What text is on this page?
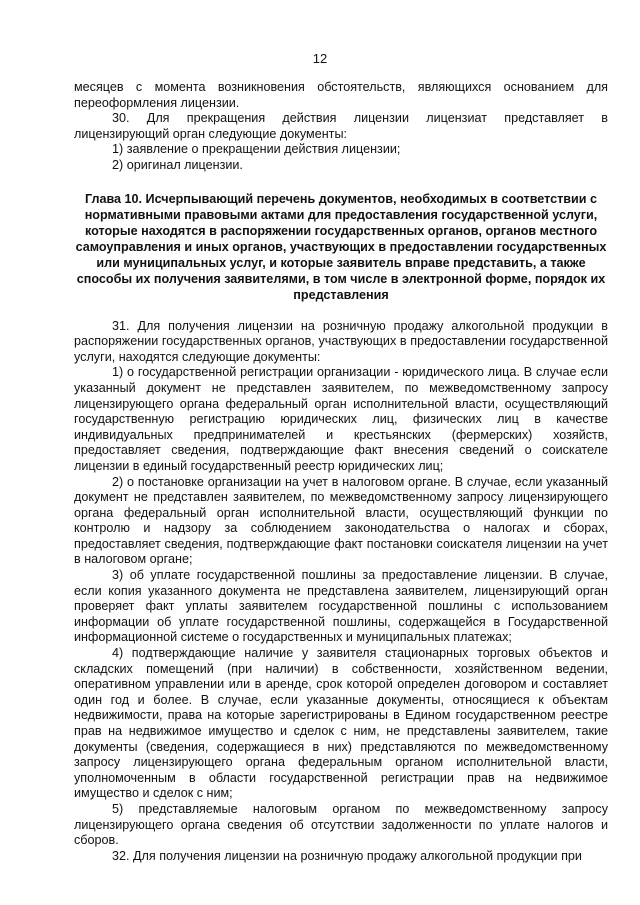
12

месяцев с момента возникновения обстоятельств, являющихся основанием для переоформления лицензии.

30. Для прекращения действия лицензии лицензиат представляет в лицензирующий орган следующие документы:

1) заявление о прекращении действия лицензии;

2) оригинал лицензии.

Глава 10. Исчерпывающий перечень документов, необходимых в соответствии с нормативными правовыми актами для предоставления государственной услуги, которые находятся в распоряжении государственных органов, органов местного самоуправления и иных органов, участвующих в предоставлении государственных или муниципальных услуг, и которые заявитель вправе представить, а также способы их получения заявителями, в том числе в электронной форме, порядок их представления

31. Для получения лицензии на розничную продажу алкогольной продукции в распоряжении государственных органов, участвующих в предоставлении государственной услуги, находятся следующие документы:

1) о государственной регистрации организации - юридического лица. В случае если указанный документ не представлен заявителем, по межведомственному запросу лицензирующего органа федеральный орган исполнительной власти, осуществляющий государственную регистрацию юридических лиц, физических лиц в качестве индивидуальных предпринимателей и крестьянских (фермерских) хозяйств, предоставляет сведения, подтверждающие факт внесения сведений о соискателе лицензии в единый государственный реестр юридических лиц;

2) о постановке организации на учет в налоговом органе. В случае, если указанный документ не представлен заявителем, по межведомственному запросу лицензирующего органа федеральный орган исполнительной власти, осуществляющий функции по контролю и надзору за соблюдением законодательства о налогах и сборах, предоставляет сведения, подтверждающие факт постановки соискателя лицензии на учет в налоговом органе;

3) об уплате государственной пошлины за предоставление лицензии. В случае, если копия указанного документа не представлена заявителем, лицензирующий орган проверяет факт уплаты заявителем государственной пошлины с использованием информации об уплате государственной пошлины, содержащейся в Государственной информационной системе о государственных и муниципальных платежах;

4) подтверждающие наличие у заявителя стационарных торговых объектов и складских помещений (при наличии) в собственности, хозяйственном ведении, оперативном управлении или в аренде, срок которой определен договором и составляет один год и более. В случае, если указанные документы, относящиеся к объектам недвижимости, права на которые зарегистрированы в Едином государственном реестре прав на недвижимое имущество и сделок с ним, не представлены заявителем, такие документы (сведения, содержащиеся в них) представляются по межведомственному запросу лицензирующего органа федеральным органом исполнительной власти, уполномоченным в области государственной регистрации прав на недвижимое имущество и сделок с ним;

5) представляемые налоговым органом по межведомственному запросу лицензирующего органа сведения об отсутствии задолженности по уплате налогов и сборов.

32. Для получения лицензии на розничную продажу алкогольной продукции при
